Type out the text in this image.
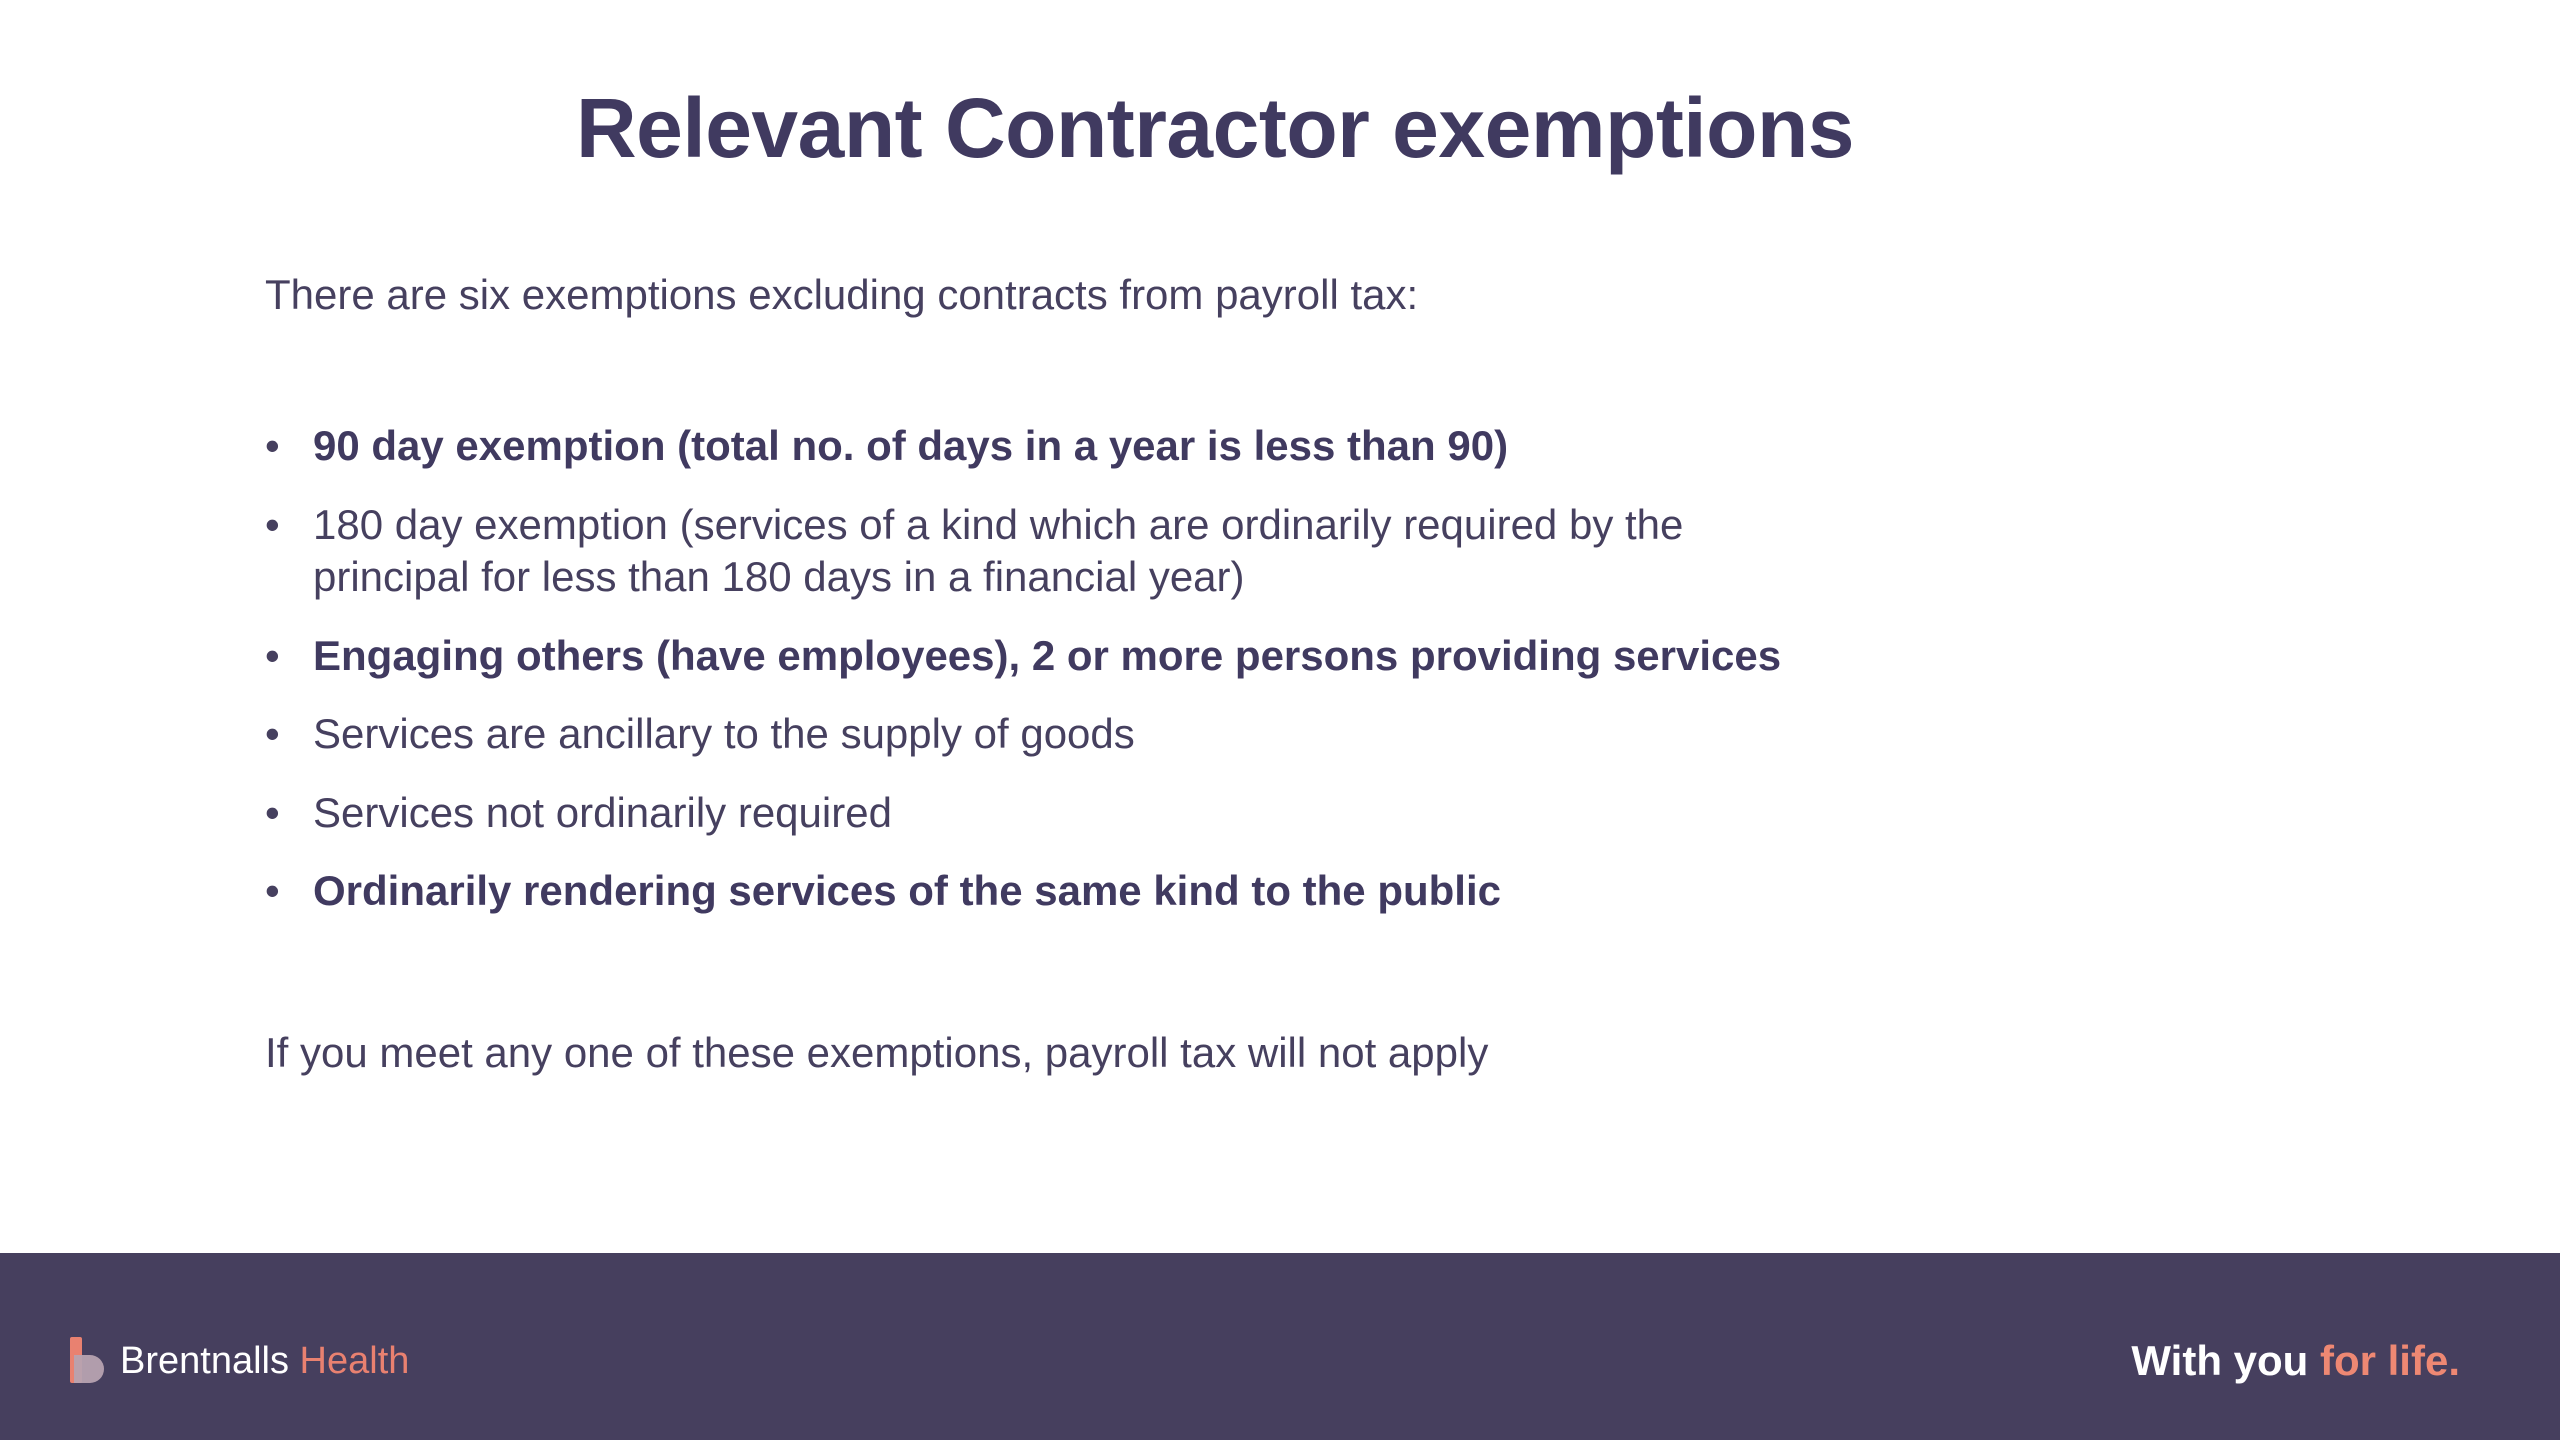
Relevant Contractor exemptions
There are six exemptions excluding contracts from payroll tax:
• 90 day exemption (total no. of days in a year is less than 90)
• 180 day exemption (services of a kind which are ordinarily required by the principal for less than 180 days in a financial year)
• Engaging others (have employees), 2 or more persons providing services
• Services are ancillary to the supply of goods
• Services not ordinarily required
• Ordinarily rendering services of the same kind to the public
If you meet any one of these exemptions, payroll tax will not apply
Brentnalls Health	With you for life.
